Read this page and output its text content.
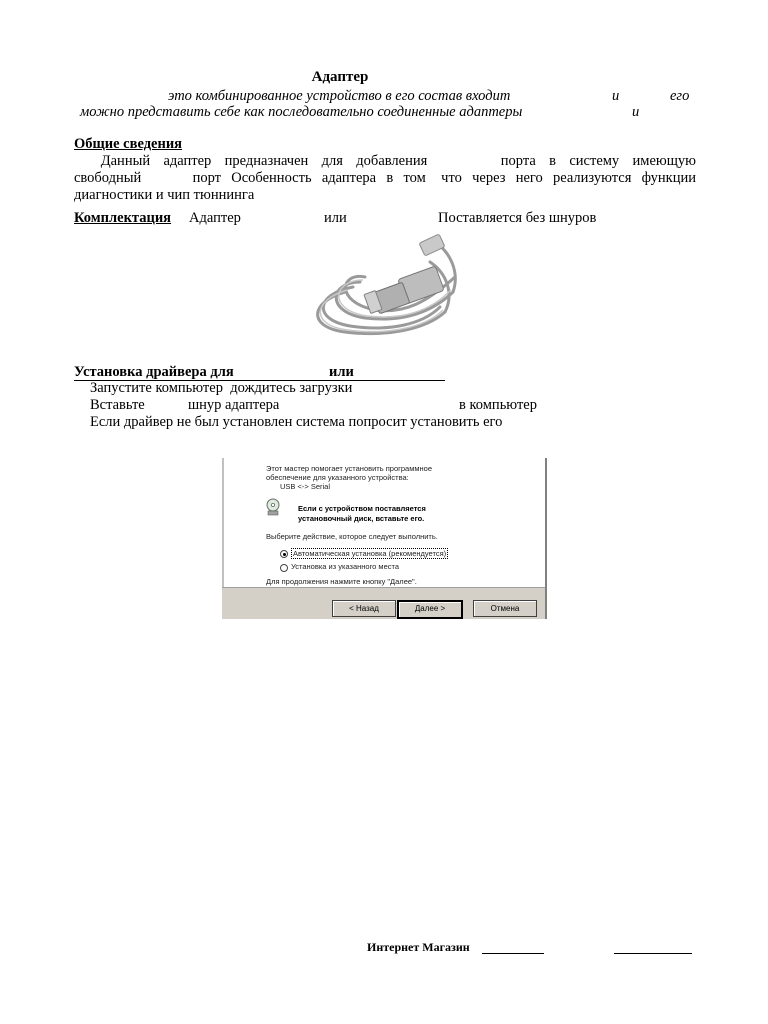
Адаптер
это комбинированное устройство в его состав входит	и	его
можно представить себе как последовательно соединенные адаптеры	и
Общие сведения
Данный  адаптер  предназначен  для  добавления           порта  в  систему  имеющую
свободный          порт  Особенность  адаптера  в  том   что  через  него  реализуются  функции
диагностики и чип тюннинга
Комплектация Адаптер	или	Поставляется без шнуров
Установка драйвера для	или
Запустите компьютер  дождитесь загрузки
Вставьте	шнур адаптера	в компьютер
Если драйвер не был установлен система попросит установить его
Этот мастер помогает установить программное
обеспечение для указанного устройства:
USB <-> Serial
Если с устройством поставляется
установочный диск, вставьте его.
Выберите действие, которое следует выполнить.
Автоматическая установка (рекомендуется)
Установка из указанного места
Для продолжения нажмите кнопку "Далее".
< Назад	Далее >	Отмена
Интернет Магазин
